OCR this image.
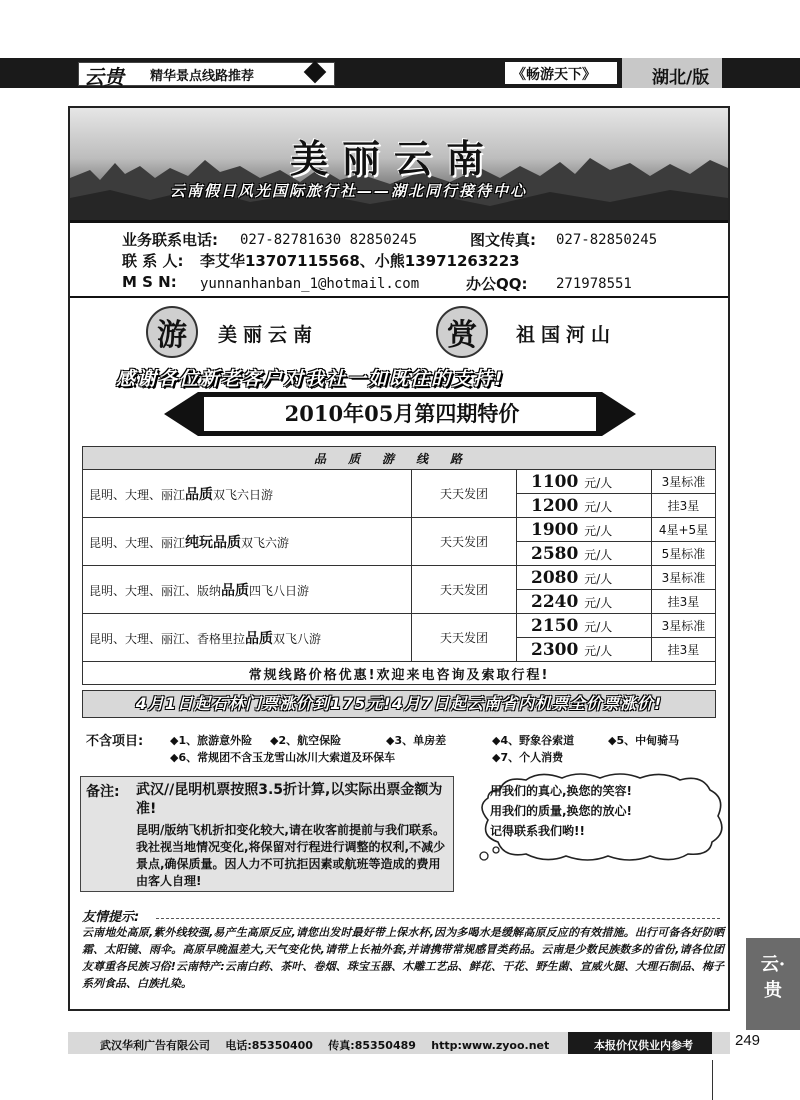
云贵 精华景点线路推荐	《畅游天下》	湖北/版
美丽云南
云南假日风光国际旅行社——湖北同行接待中心
业务联系电话: 027-82781630 82850245	图文传真: 027-82850245
联 系 人: 李艾华13707115568、小熊13971263223
M S N: yunnanhanban_1@hotmail.com	办公QQ: 271978551
游	美丽云南	赏	祖国河山
感谢各位新老客户对我社一如既往的支持!
2010年05月第四期特价
品质游线路			
昆明、大理、丽江品质双飞六日游	天天发团	1100 元/人	3星标准
		1200 元/人	挂3星
昆明、大理、丽江纯玩品质双飞六游	天天发团	1900 元/人	4星+5星
		2580 元/人	5星标准
昆明、大理、丽江、版纳品质四飞八日游	天天发团	2080 元/人	3星标准
		2240 元/人	挂3星
昆明、大理、丽江、香格里拉品质双飞八游	天天发团	2150 元/人	3星标准
		2300 元/人	挂3星
常规线路价格优惠!欢迎来电咨询及索取行程!			
4月1日起石林门票涨价到175元!4月7日起云南省内机票全价票涨价!
不含项目: ◆1、旅游意外险 ◆2、航空保险	◆3、单房差	◆4、野象谷索道	◆5、中甸骑马
◆6、常规团不含玉龙雪山冰川大索道及环保车	◆7、个人消费
备注: 武汉//昆明机票按照3.5折计算,以实际出票金额为准!
昆明/版纳飞机折扣变化较大,请在收客前提前与我们联系。我社视当地情况变化,将保留对行程进行调整的权利,不减少景点,确保质量。因人力不可抗拒因素或航班等造成的费用由客人自理!
用我们的真心,换您的笑容!
用我们的质量,换您的放心!
记得联系我们哟!!
友情提示:
云南地处高原,紫外线较强,易产生高原反应,请您出发时最好带上保水杯,因为多喝水是缓解高原反应的有效措施。出行可备各好防晒霜、太阳镜、雨伞。高原早晚温差大,天气变化快,请带上长袖外套,并请携带常规感冒类药品。云南是少数民族数多的省份,请各位团友尊重各民族习俗!云南特产:云南白药、茶叶、卷烟、珠宝玉器、木雕工艺品、鲜花、干花、野生菌、宣威火腿、大理石制品、梅子系列食品、白族扎染。
云·
贵
武汉华利广告有限公司 电话:85350400 传真:85350489 http:www.zyoo.net	本报价仅供业内参考	249
